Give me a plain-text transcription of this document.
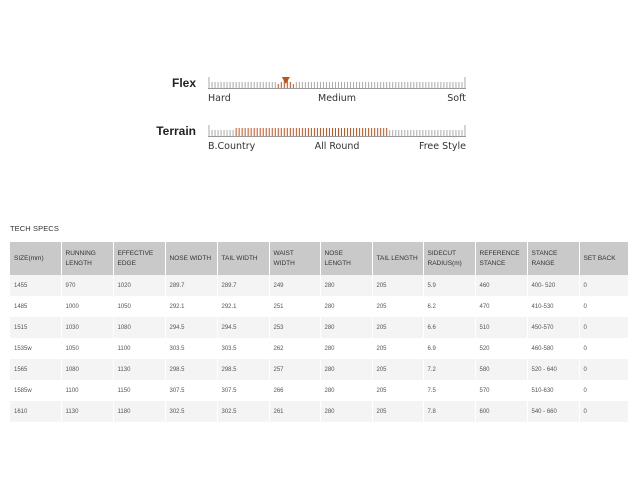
Flex
Hard	Medium	Soft
Terrain
B.Country	All Round	Free Style
TECH SPECS
SIZE(mm)	RUNNING LENGTH	EFFECTIVE EDGE	NOSE WIDTH	TAIL WIDTH	WAIST WIDTH	NOSE LENGTH	TAIL LENGTH	SIDECUT RADIUS(m)	REFERENCE STANCE	STANCE RANGE	SET BACK
1455	970	1020	289.7	289.7	249	280	205	5.9	460	400- 520	0
1485	1000	1050	292.1	292.1	251	280	205	6.2	470	410-530	0
1515	1030	1080	294.5	294.5	253	280	205	6.6	510	450-570	0
1535w	1050	1100	303.5	303.5	262	280	205	6.9	520	460-580	0
1565	1080	1130	298.5	298.5	257	280	205	7.2	580	520 - 640	0
1585w	1100	1150	307.5	307.5	266	280	205	7.5	570	510-630	0
1610	1130	1180	302.5	302.5	261	280	205	7.8	600	540 - 660	0
